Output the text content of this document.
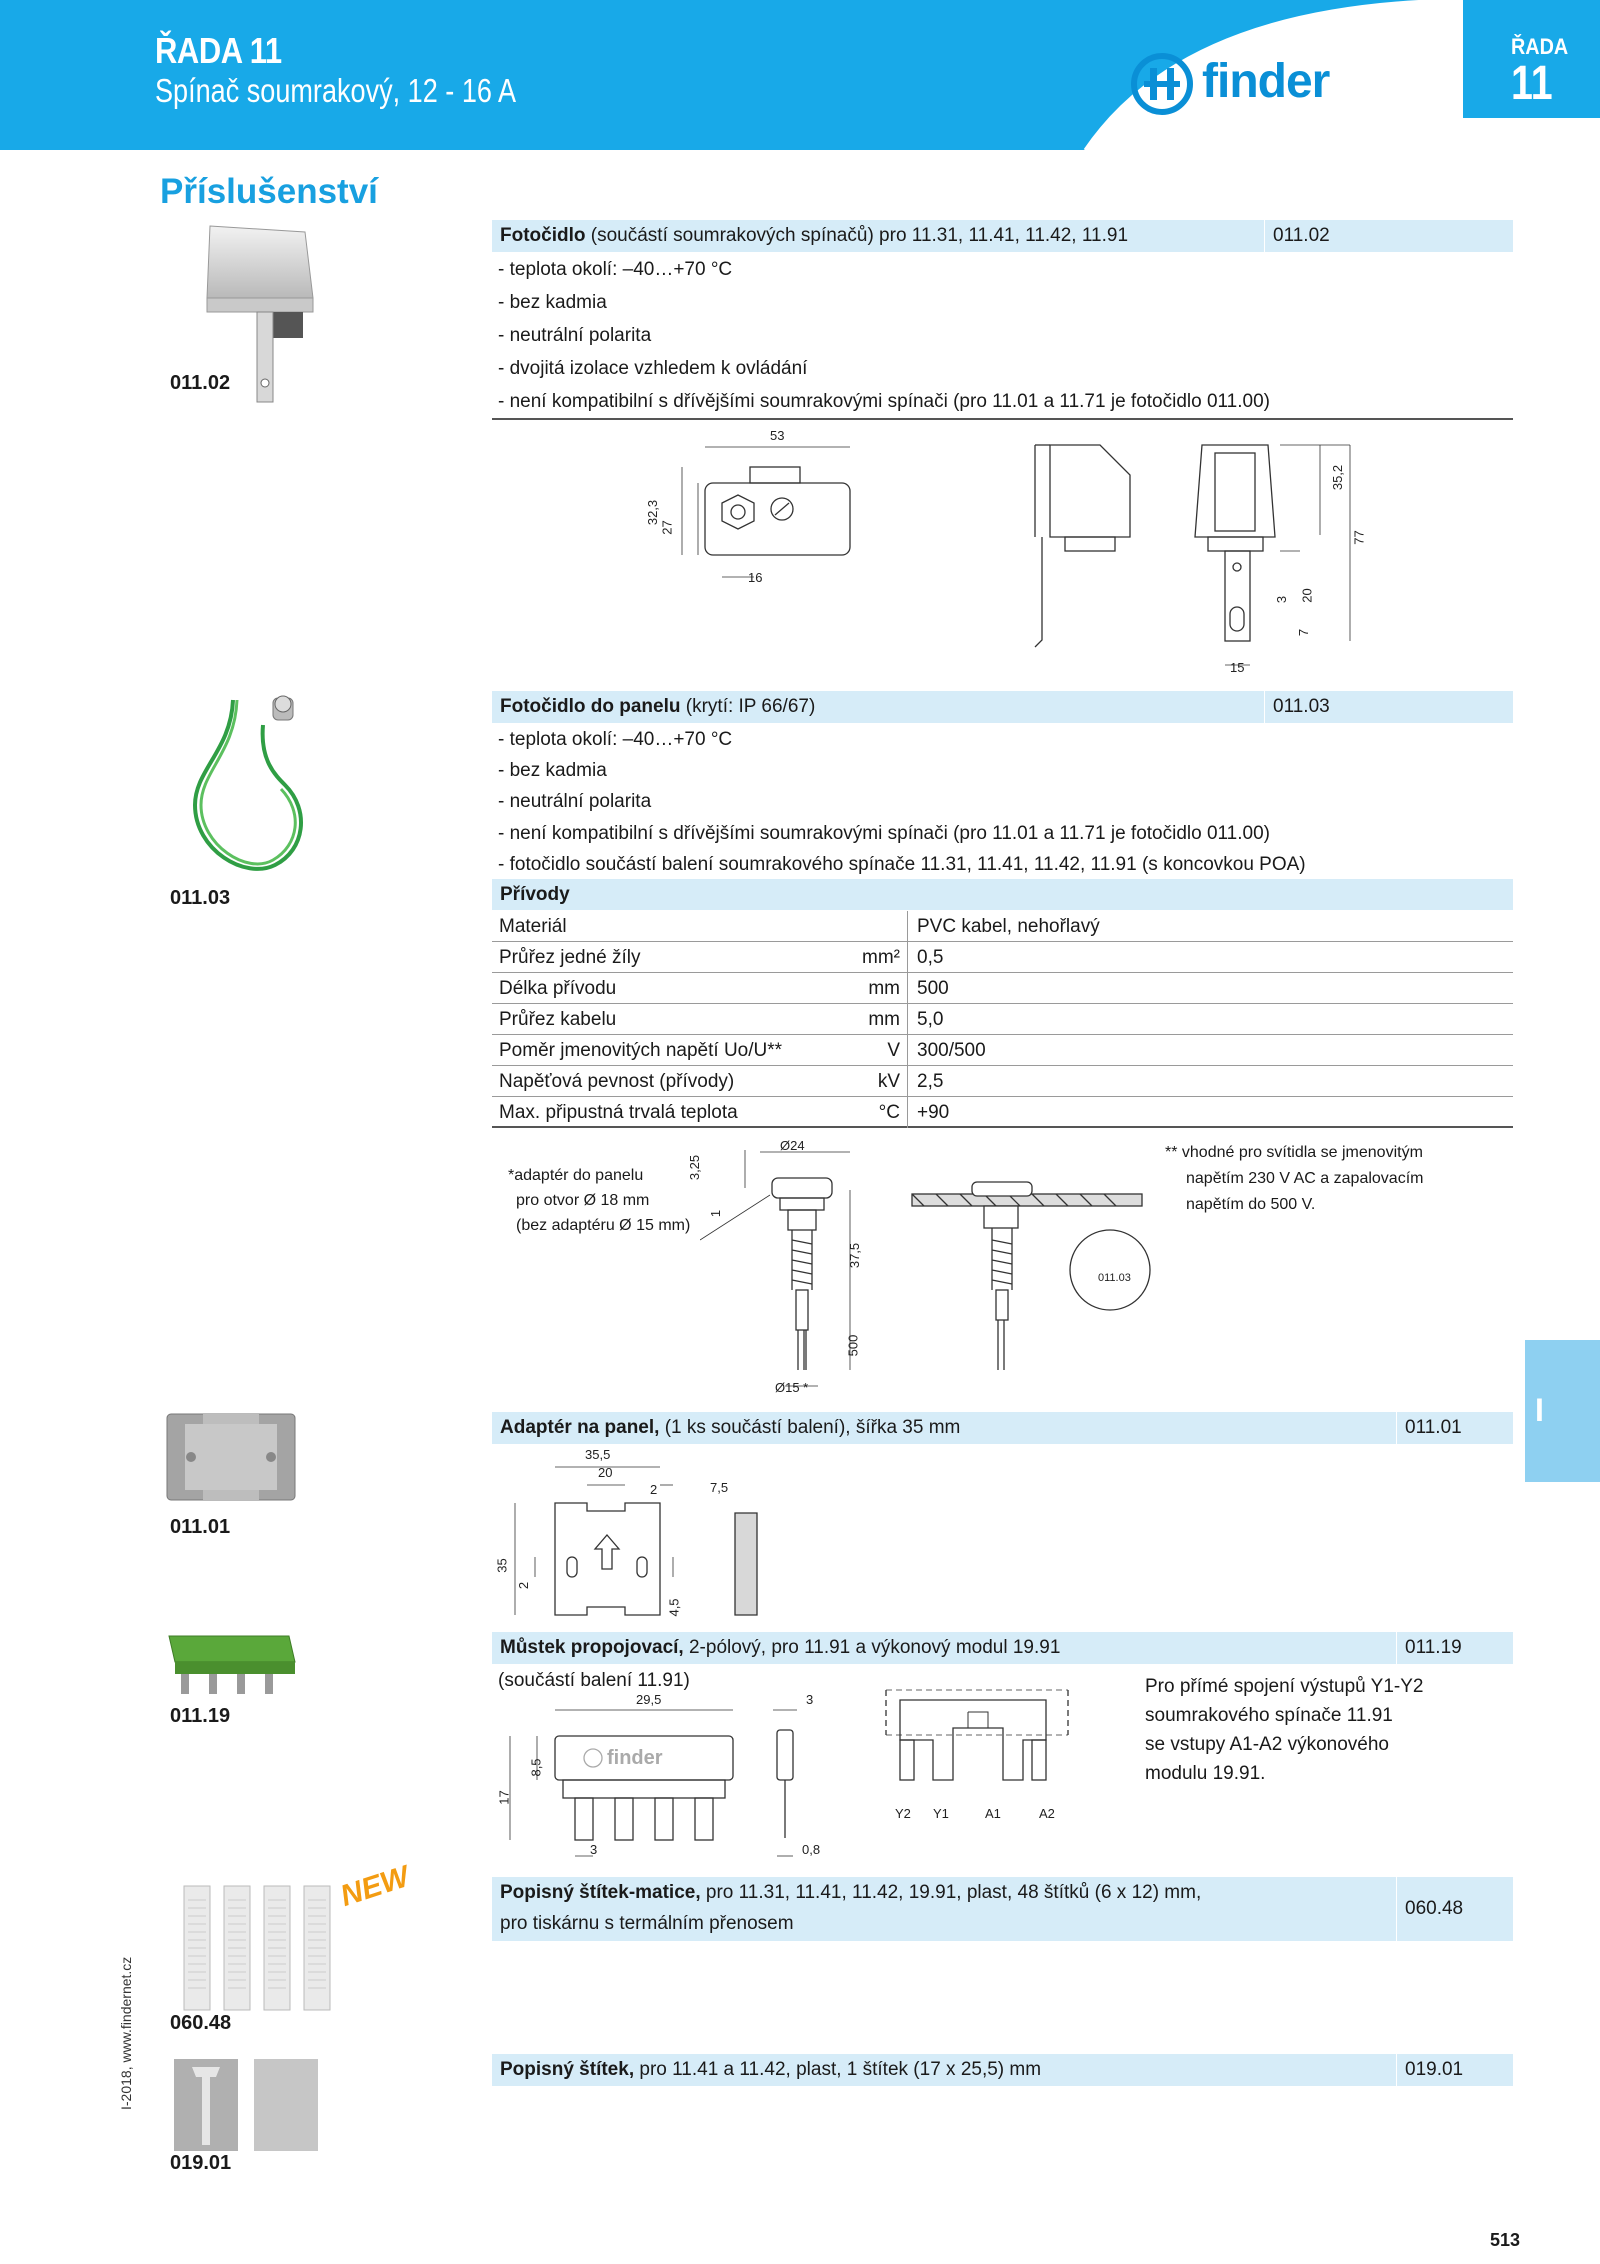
ŘADA 11
Spínač soumrakový, 12 - 16 A	finder
ŘADA
11
Příslušenství
011.02
Fotočidlo (součástí soumrakových spínačů) pro 11.31, 11.41, 11.42, 11.91	011.02
- teplota okolí: –40…+70 °C
- bez kadmia
- neutrální polarita
- dvojitá izolace vzhledem k ovládání
- není kompatibilní s dřívějšími soumrakovými spínači (pro 11.01 a 11.71 je fotočidlo 011.00)
53
32,3
27
16
35,2
77
3 20
7
15
011.03
Fotočidlo do panelu (krytí: IP 66/67)	011.03
- teplota okolí: –40…+70 °C
- bez kadmia
- neutrální polarita
- není kompatibilní s dřívějšími soumrakovými spínači (pro 11.01 a 11.71 je fotočidlo 011.00)
- fotočidlo součástí balení soumrakového spínače 11.31, 11.41, 11.42, 11.91 (s koncovkou POA)
Přívody
Materiál	PVC kabel, nehořlavý
Průřez jedné žíly	mm² 0,5
Délka přívodu	mm 500
Průřez kabelu	mm 5,0
Poměr jmenovitých napětí Uo/U**	V 300/500
Napěťová pevnost (přívody)	kV 2,5
Max. připustná trvalá teplota	°C +90
*adaptér do panelu
pro otvor Ø 18 mm
(bez adaptéru Ø 15 mm)
** vhodné pro svítidla se jmenovitým
napětím 230 V AC a zapalovacím
napětím do 500 V.
Ø24
3,25
1
37,5
500
Ø15 *
011.03
011.01
Adaptér na panel, (1 ks součástí balení), šířka 35 mm	011.01
35,5
20
2	7,5
35
2
4,5
011.19
Můstek propojovací, 2-pólový, pro 11.91 a výkonový modul 19.91	011.19
(součástí balení 11.91)
finder
29,5	3
8,5
17
3	0,8
Y2 Y1	A1	A2
Pro přímé spojení výstupů Y1-Y2
soumrakového spínače 11.91
se vstupy A1-A2 výkonového
modulu 19.91.
NEW
060.48
Popisný štítek-matice, pro 11.31, 11.41, 11.42, 19.91, plast, 48 štítků (6 x 12) mm,
pro tiskárnu s termálním přenosem
060.48
019.01
Popisný štítek, pro 11.41 a 11.42, plast, 1 štítek (17 x 25,5) mm	019.01
I
I-2018, www.findernet.cz
513
